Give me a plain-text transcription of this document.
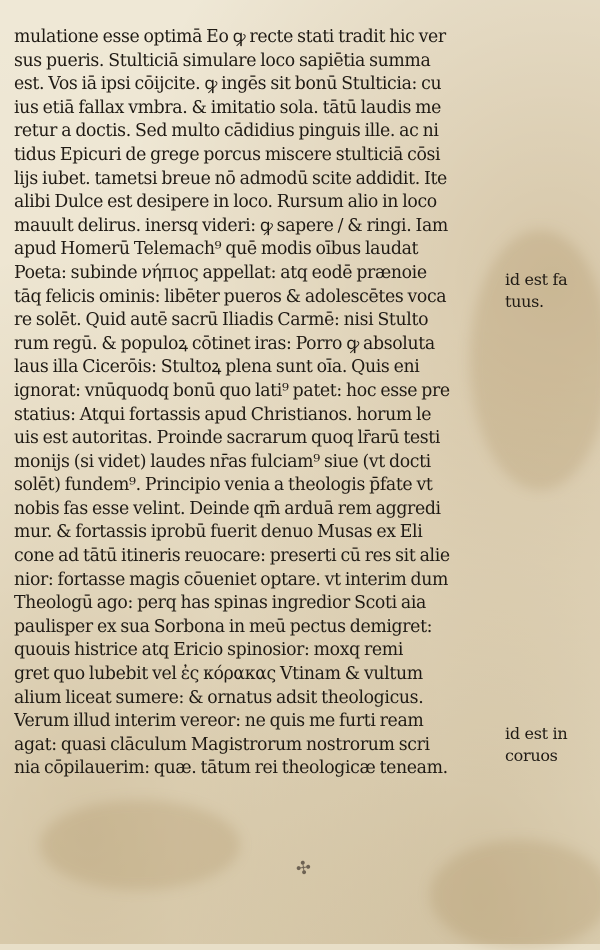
mulatione esse optimā Eo ꝙ recte stati tradit hic ver
sus pueris. Stulticiā simulare loco sapiētia summa
est. Vos iā ipsi cōijcite. ꝙ ingēs sit bonū Stulticia: cu
ius etiā fallax vmbra. & imitatio sola. tātū laudis me
retur a doctis. Sed multo cādidius pinguis ille. ac ni
tidus Epicuri de grege porcus miscere stulticiā cōsi
lijs iubet. tametsi breue nō admodū scite addidit. Ite
alibi Dulce est desipere in loco. Rursum alio in loco
mauult delirus. inersq videri: ꝙ sapere / & ringi. Iam
apud Homerū Telemach⁹ quē modis oībus laudat
Poeta: subinde νήπιος appellat: atq eodē prænoie
tāq felicis ominis: libēter pueros & adolescētes voca
re solēt. Quid autē sacrū Iliadis Carmē: nisi Stulto
rum regū. & populoꝝ cōtinet iras: Porro ꝙ absoluta
laus illa Cicerōis: Stultoꝝ plena sunt oīa. Quis eni
ignorat: vnūquodq bonū quo lati⁹ patet: hoc esse pre
statius: Atqui fortassis apud Christianos. horum le
uis est autoritas. Proinde sacrarum quoq lr̄arū testi
monijs (si videt) laudes nr̄as fulciam⁹ siue (vt docti
solēt) fundem⁹. Principio venia a theologis p̄fate vt
nobis fas esse velint. Deinde qm̄ arduā rem aggredi
mur. & fortassis iprobū fuerit denuo Musas ex Eli
cone ad tātū itineris reuocare: preserti cū res sit alie
nior: fortasse magis cōueniet optare. vt interim dum
Theologū ago: perq has spinas ingredior Scoti aia
paulisper ex sua Sorbona in meū pectus demigret:
quouis histrice atq Ericio spinosior: moxq remi
gret quo lubebit vel ἐς κόρακας Vtinam & vultum
alium liceat sumere: & ornatus adsit theologicus.
Verum illud interim vereor: ne quis me furti ream
agat: quasi clāculum Magistrorum nostrorum scri
nia cōpilauerim: quæ. tātum rei theologicæ teneam.
id est fa
tuus.
id est in
coruos
✣
